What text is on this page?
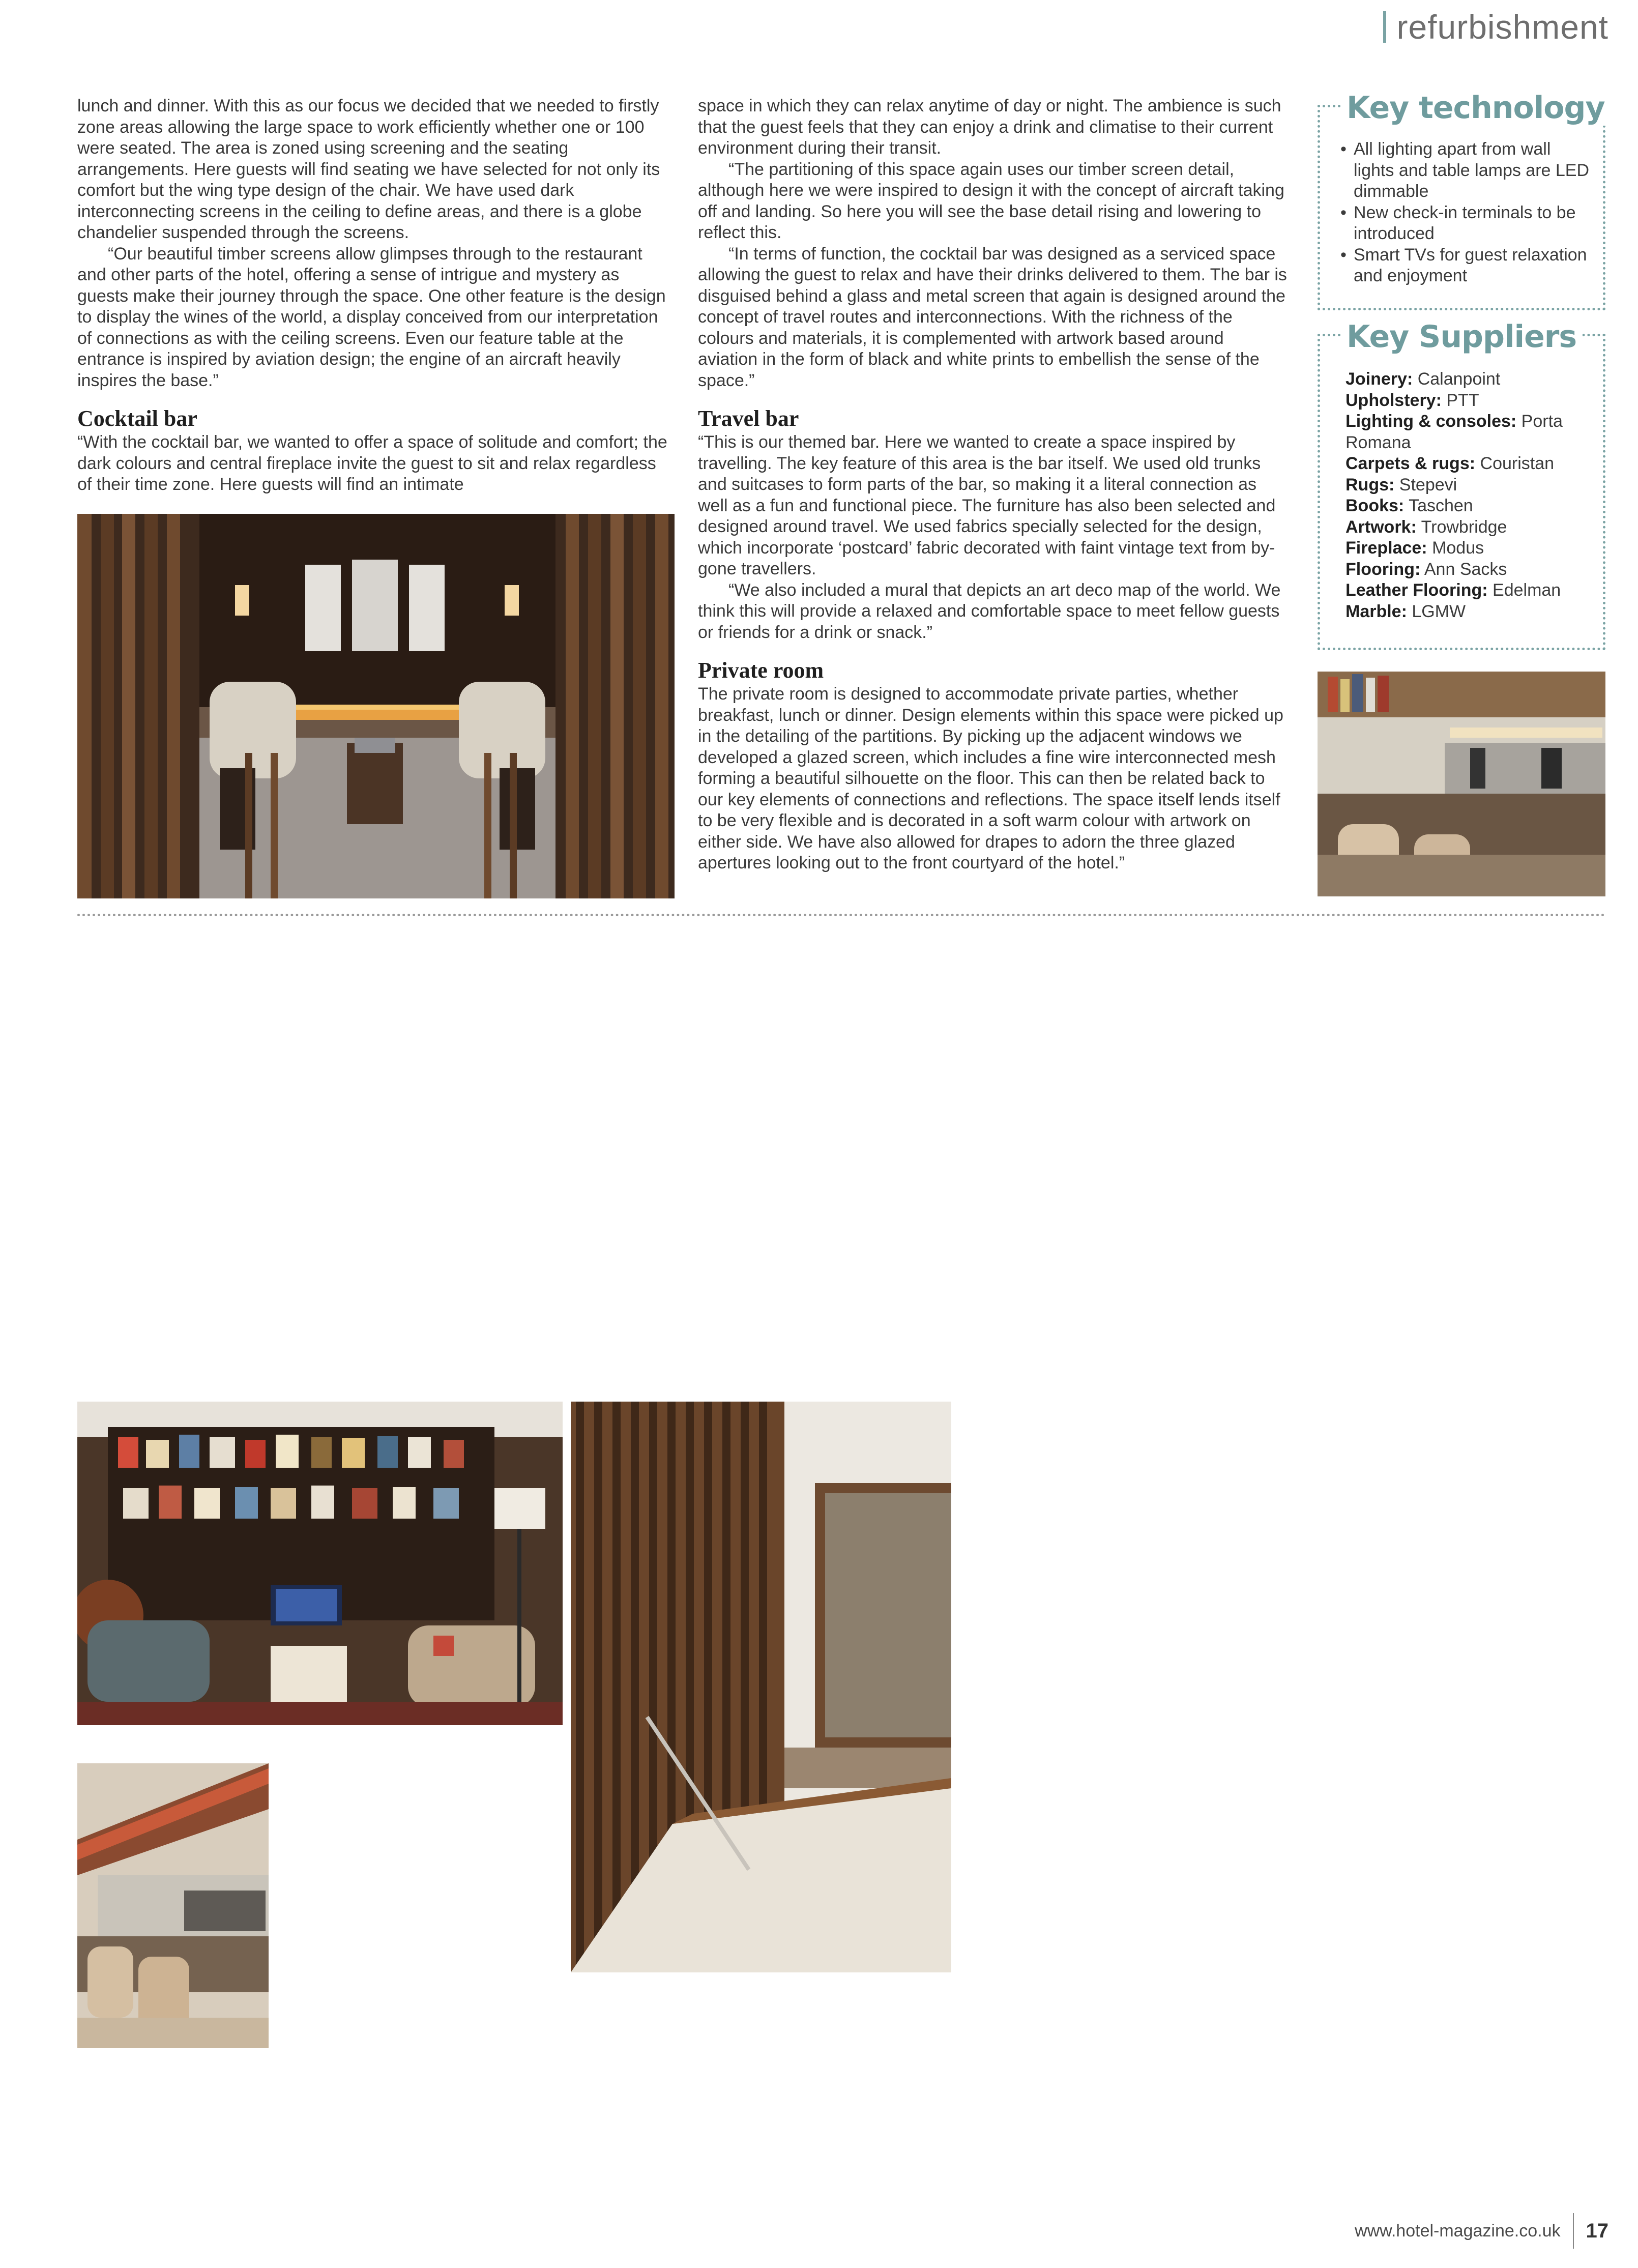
refurbishment

lunch and dinner. With this as our focus we decided that we needed to firstly zone areas allowing the large space to work efficiently whether one or 100 were seated. The area is zoned using screening and the seating arrangements. Here guests will find seating we have selected for not only its comfort but the wing type design of the chair. We have used dark interconnecting screens in the ceiling to define areas, and there is a globe chandelier suspended through the screens.

“Our beautiful timber screens allow glimpses through to the restaurant and other parts of the hotel, offering a sense of intrigue and mystery as guests make their journey through the space. One other feature is the design to display the wines of the world, a display conceived from our interpretation of connections as with the ceiling screens. Even our feature table at the entrance is inspired by aviation design; the engine of an aircraft heavily inspires the base.”

Cocktail bar

“With the cocktail bar, we wanted to offer a space of solitude and comfort; the dark colours and central fireplace invite the guest to sit and relax regardless of their time zone. Here guests will find an intimate

space in which they can relax anytime of day or night. The ambience is such that the guest feels that they can enjoy a drink and climatise to their current environment during their transit.

“The partitioning of this space again uses our timber screen detail, although here we were inspired to design it with the concept of aircraft taking off and landing. So here you will see the base detail rising and lowering to reflect this.

“In terms of function, the cocktail bar was designed as a serviced space allowing the guest to relax and have their drinks delivered to them. The bar is disguised behind a glass and metal screen that again is designed around the concept of travel routes and interconnections. With the richness of the colours and materials, it is complemented with artwork based around aviation in the form of black and white prints to embellish the sense of the space.”

Travel bar

“This is our themed bar. Here we wanted to create a space inspired by travelling. The key feature of this area is the bar itself. We used old trunks and suitcases to form parts of the bar, so making it a literal connection as well as a fun and functional piece. The furniture has also been selected and designed around travel. We used fabrics specially selected for the design, which incorporate ‘postcard’ fabric decorated with faint vintage text from by-gone travellers.

“We also included a mural that depicts an art deco map of the world. We think this will provide a relaxed and comfortable space to meet fellow guests or friends for a drink or snack.”

Private room

The private room is designed to accommodate private parties, whether breakfast, lunch or dinner. Design elements within this space were picked up in the detailing of the partitions. By picking up the adjacent windows we developed a glazed screen, which includes a fine wire interconnected mesh forming a beautiful silhouette on the floor. This can then be related back to our key elements of connections and reflections. The space itself lends itself to be very flexible and is decorated in a soft warm colour with artwork on either side. We have also allowed for drapes to adorn the three glazed apertures looking out to the front courtyard of the hotel.”

Key technology
• All lighting apart from wall lights and table lamps are LED dimmable
• New check-in terminals to be introduced
• Smart TVs for guest relaxation and enjoyment
Key Suppliers
Joinery: Calanpoint
Upholstery: PTT
Lighting & consoles: Porta Romana
Carpets & rugs: Couristan
Rugs: Stepevi
Books: Taschen
Artwork: Trowbridge
Fireplace: Modus
Flooring: Ann Sacks
Leather Flooring: Edelman
Marble: LGMW
www.hotel-magazine.co.uk	17
